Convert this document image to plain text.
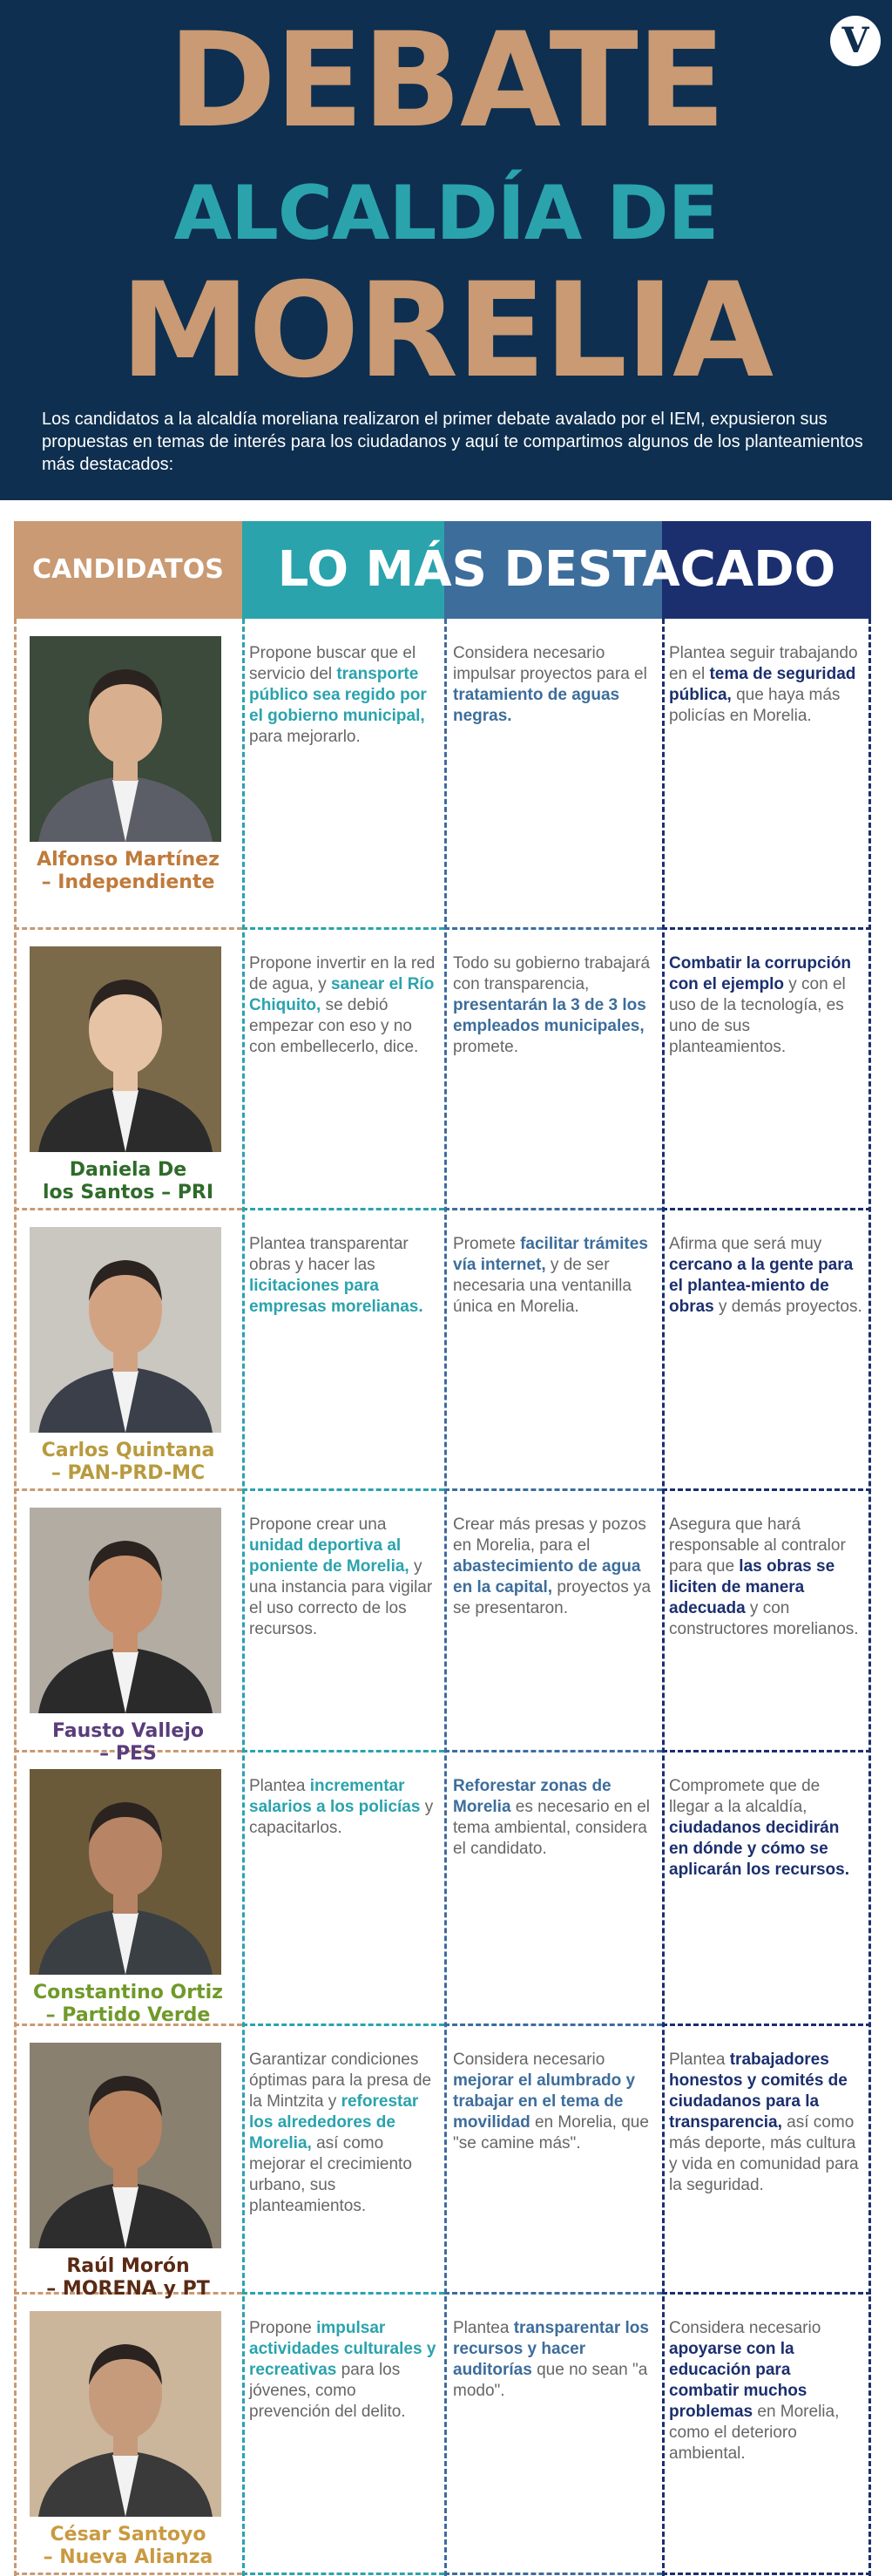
V
DEBATE
ALCALDÍA DE
MORELIA
Los candidatos a la alcaldía moreliana realizaron el primer debate avalado por el IEM, expusieron sus propuestas en temas de interés para los ciudadanos y aquí te compartimos algunos de los planteamientos más destacados:
CANDIDATOS	LO MÁS DESTACADO
Alfonso Martínez
– Independiente
Propone buscar que el servicio del transporte público sea regido por el gobierno municipal, para mejorarlo.
Considera necesario impulsar proyectos para el tratamiento de aguas negras.
Plantea seguir trabajando en el tema de seguridad pública, que haya más policías en Morelia.
Daniela De
los Santos – PRI
Propone invertir en la red de agua, y sanear el Río Chiquito, se debió empezar con eso y no con embellecerlo, dice.
Todo su gobierno trabajará con transparencia, presentarán la 3 de 3 los empleados municipales, promete.
Combatir la corrupción con el ejemplo y con el uso de la tecnología, es uno de sus planteamientos.
Carlos Quintana
– PAN-PRD-MC
Plantea transparentar obras y hacer las licitaciones para empresas morelianas.
Promete facilitar trámites vía internet, y de ser necesaria una ventanilla única en Morelia.
Afirma que será muy cercano a la gente para el plantea-miento de obras y demás proyectos.
Fausto Vallejo
– PES
Propone crear una unidad deportiva al poniente de Morelia, y una instancia para vigilar el uso correcto de los recursos.
Crear más presas y pozos en Morelia, para el abastecimiento de agua en la capital, proyectos ya se presentaron.
Asegura que hará responsable al contralor para que las obras se liciten de manera adecuada y con constructores morelianos.
Constantino Ortiz
– Partido Verde
Plantea incrementar salarios a los policías y capacitarlos.
Reforestar zonas de Morelia es necesario en el tema ambiental, considera el candidato.
Compromete que de llegar a la alcaldía, ciudadanos decidirán en dónde y cómo se aplicarán los recursos.
Raúl Morón
– MORENA y PT
Garantizar condiciones óptimas para la presa de la Mintzita y reforestar los alrededores de Morelia, así como mejorar el crecimiento urbano, sus planteamientos.
Considera necesario mejorar el alumbrado y trabajar en el tema de movilidad en Morelia, que "se camine más".
Plantea trabajadores honestos y comités de ciudadanos para la transparencia, así como más deporte, más cultura y vida en comunidad para la seguridad.
César Santoyo
– Nueva Alianza
Propone impulsar actividades culturales y recreativas para los jóvenes, como prevención del delito.
Plantea transparentar los recursos y hacer auditorías que no sean "a modo".
Considera necesario apoyarse con la educación para combatir muchos problemas en Morelia, como el deterioro ambiental.
